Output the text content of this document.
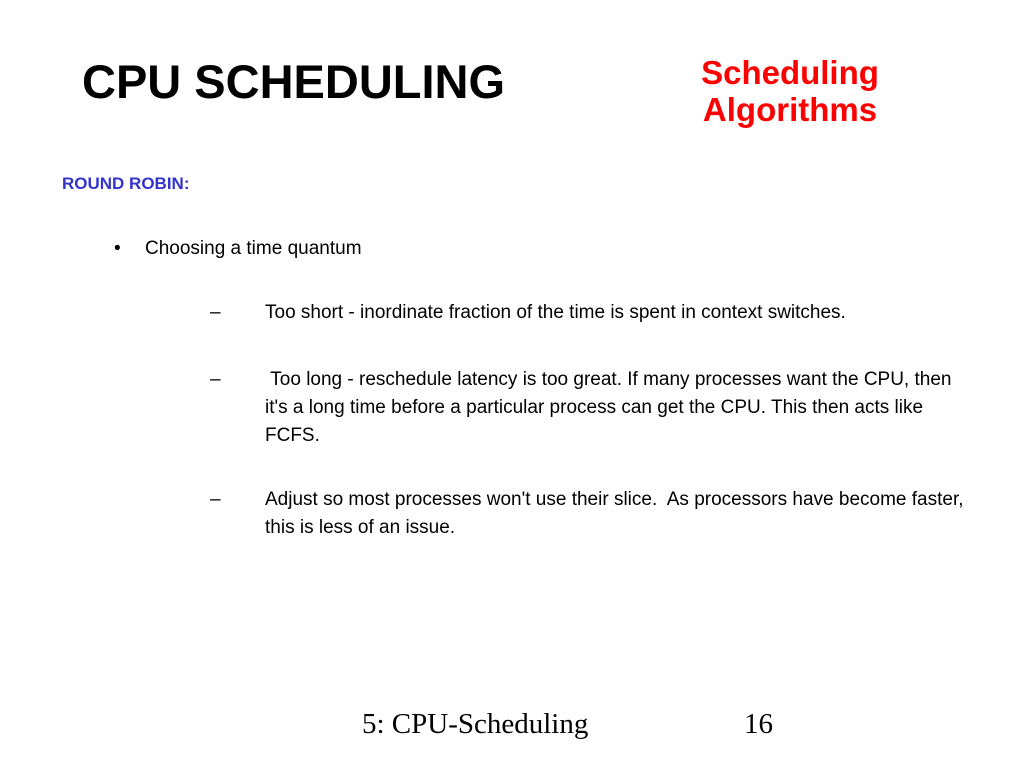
CPU SCHEDULING	Scheduling
Algorithms
ROUND ROBIN:
• Choosing a time quantum
–	Too short - inordinate fraction of the time is spent in context switches.
–	Too long - reschedule latency is too great. If many processes want the CPU, then it's a long time before a particular process can get the CPU. This then acts like FCFS.
–	Adjust so most processes won't use their slice.  As processors have become faster, this is less of an issue.
5: CPU-Scheduling	16
